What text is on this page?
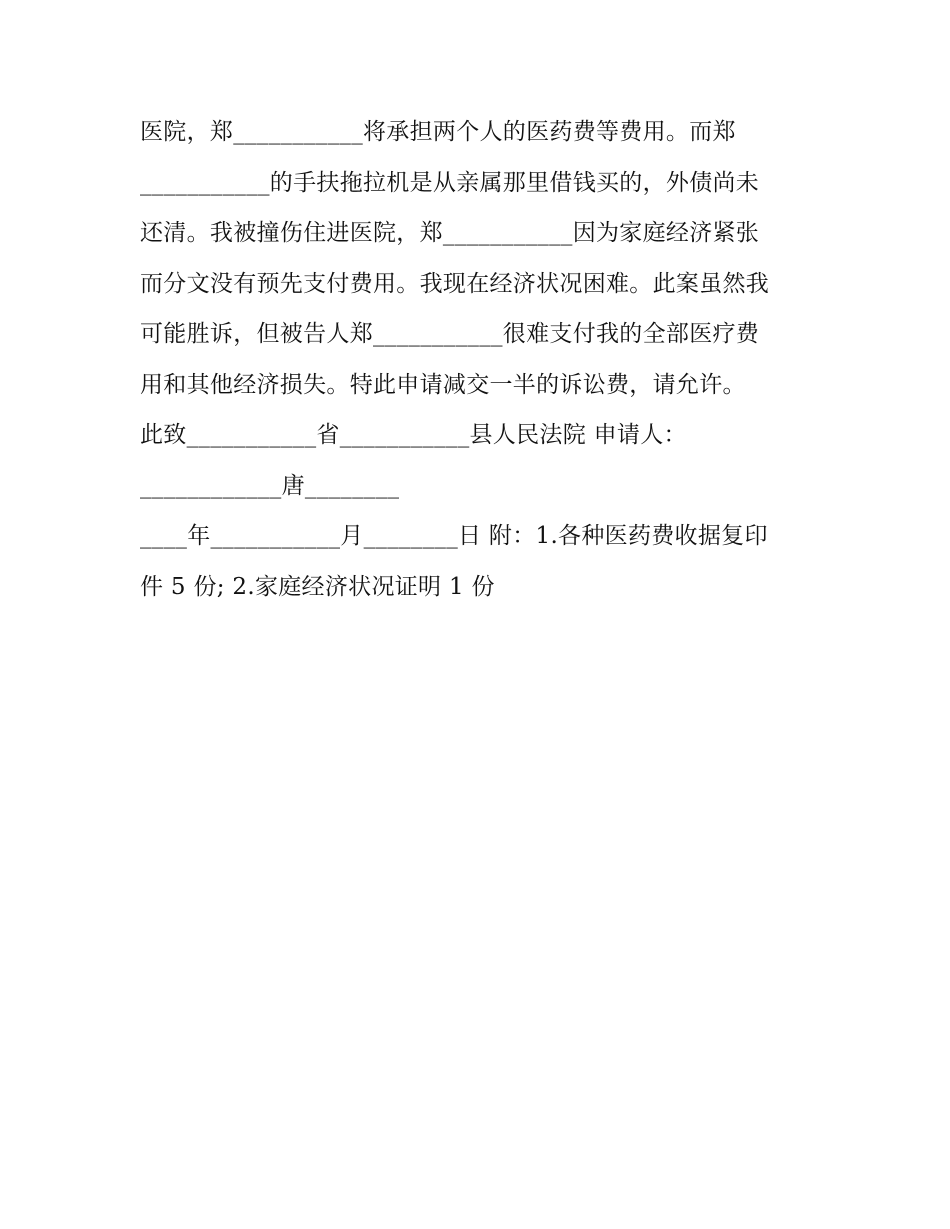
医院，郑___________将承担两个人的医药费等费用。而郑
___________的手扶拖拉机是从亲属那里借钱买的，外债尚未
还清。我被撞伤住进医院，郑___________因为家庭经济紧张
而分文没有预先支付费用。我现在经济状况困难。此案虽然我
可能胜诉，但被告人郑___________很难支付我的全部医疗费
用和其他经济损失。特此申请减交一半的诉讼费，请允许。
此致___________省___________县人民法院 申请人：
____________唐________
____年___________月________日 附：1.各种医药费收据复印
件 5 份; 2.家庭经济状况证明 1 份
